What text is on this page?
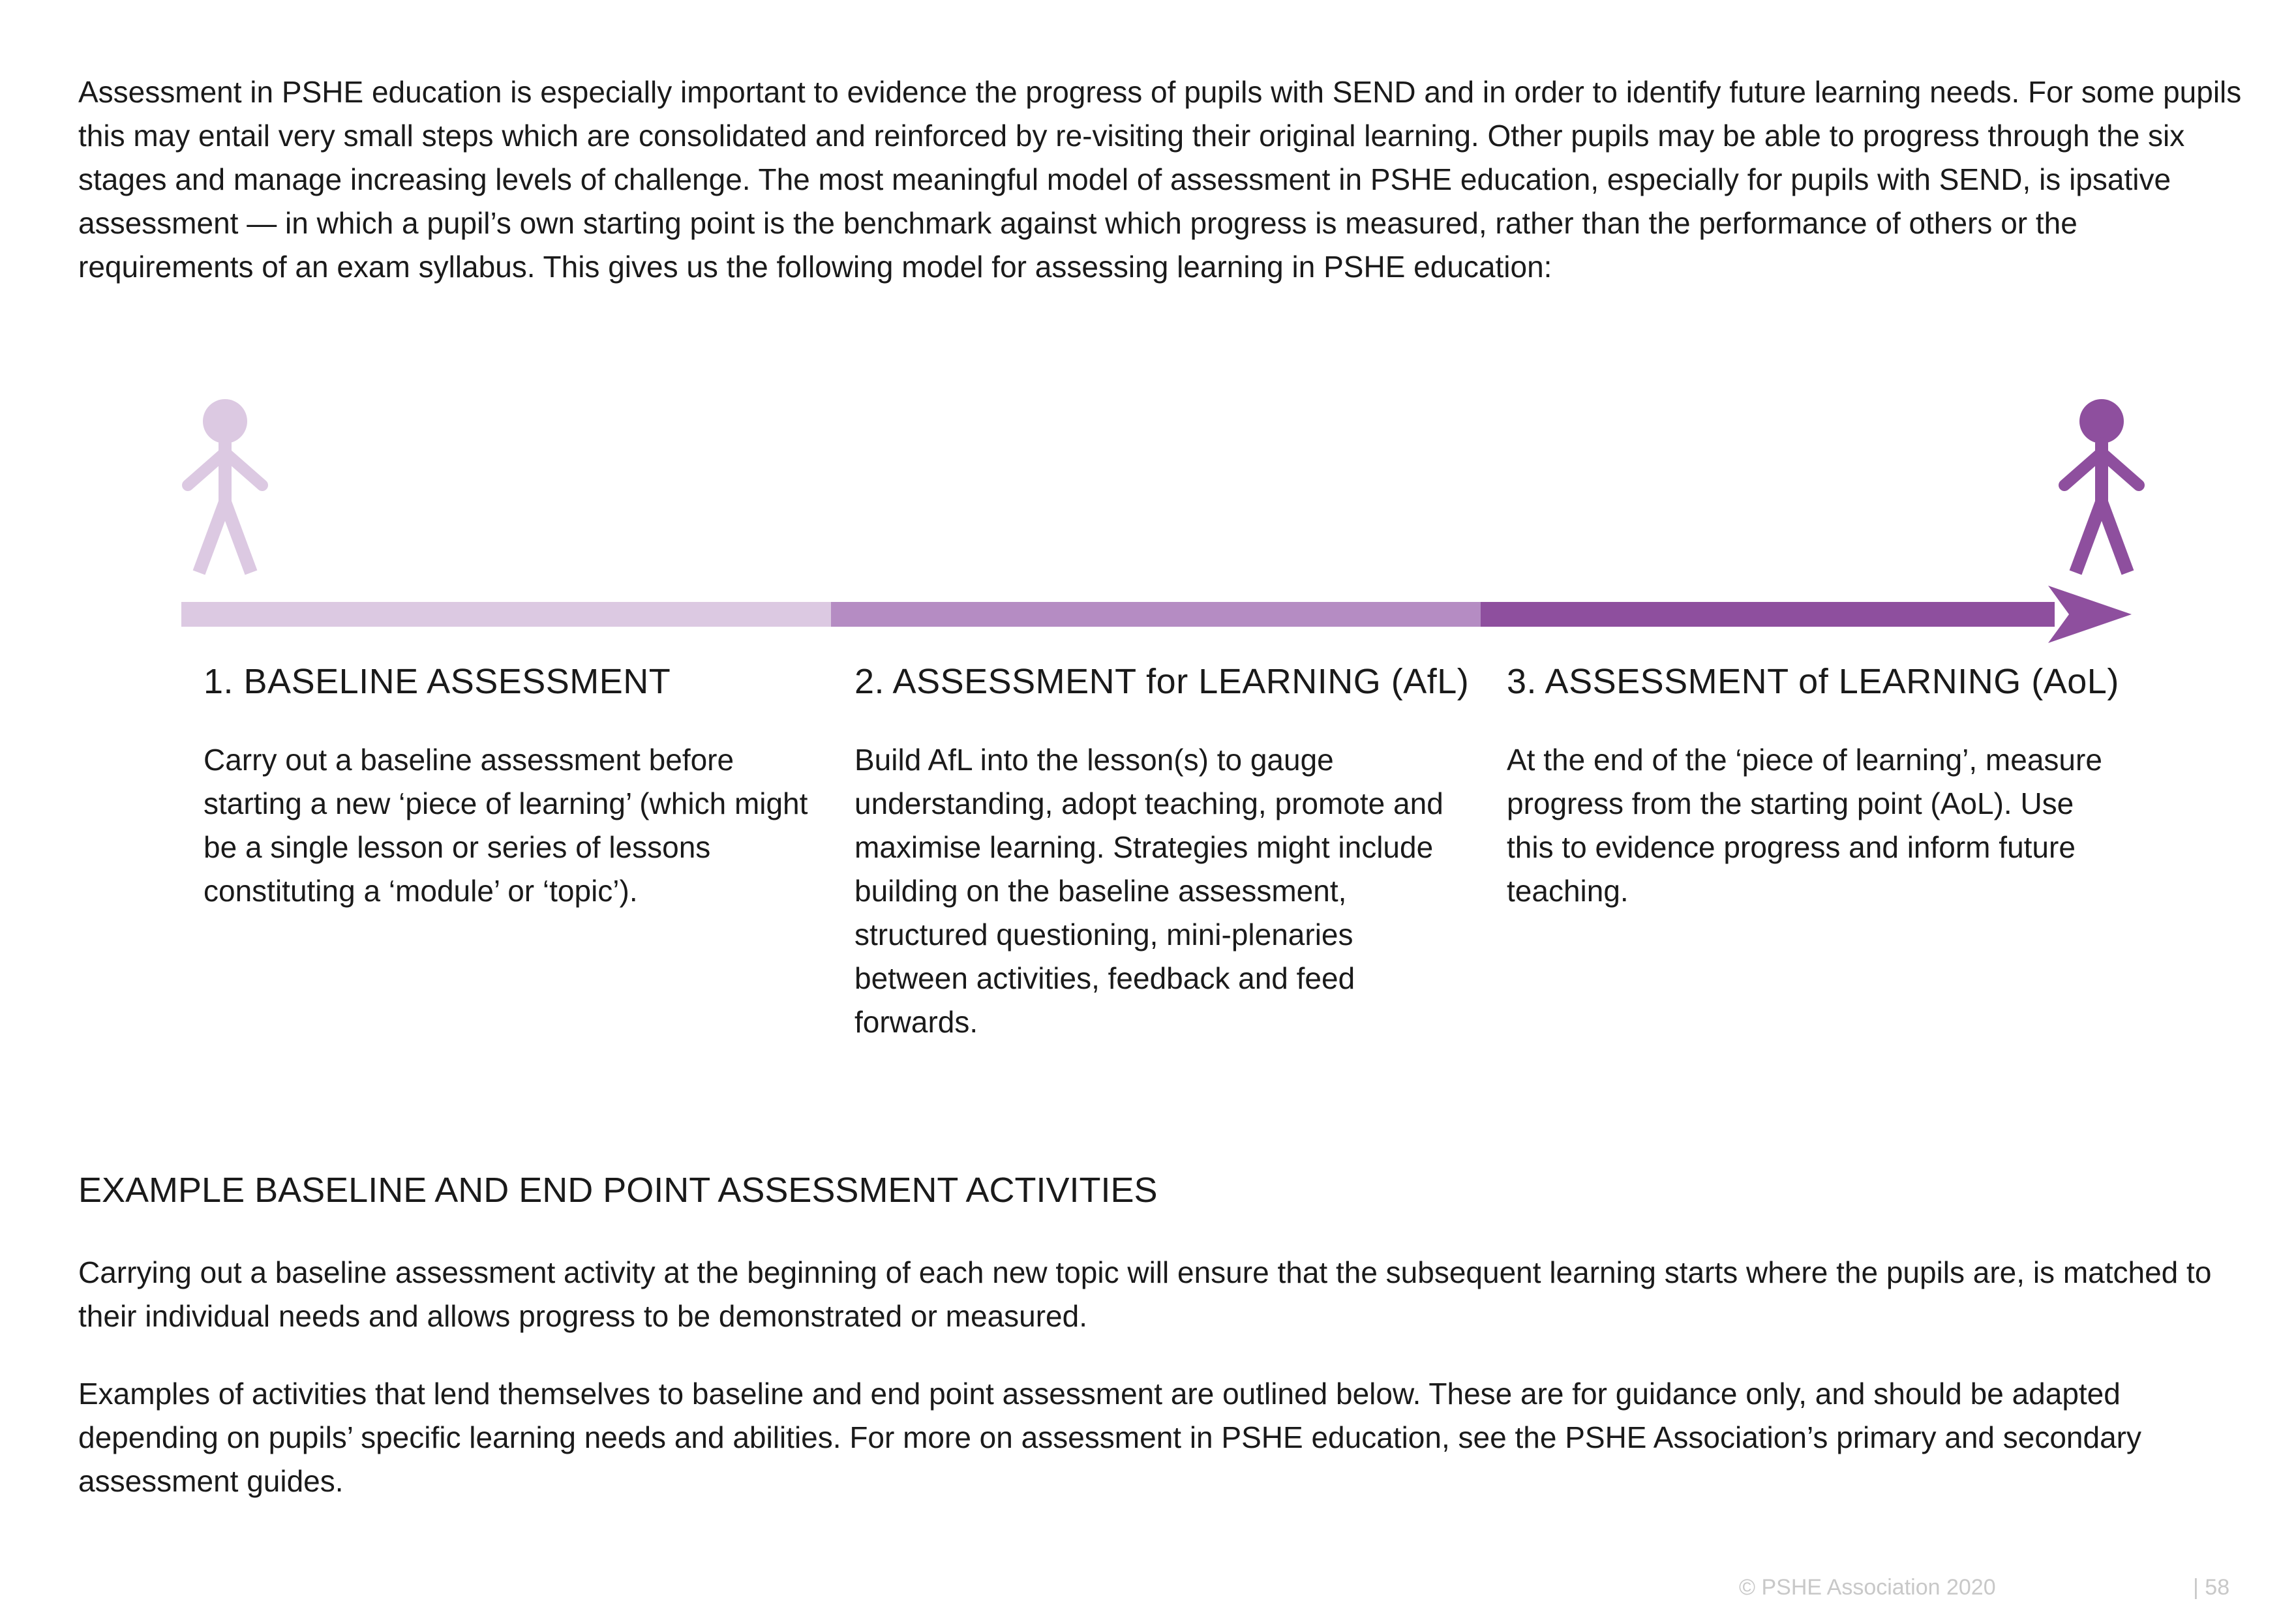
Assessment in PSHE education is especially important to evidence the progress of pupils with SEND and in order to identify future learning needs. For some pupils this may entail very small steps which are consolidated and reinforced by re-visiting their original learning. Other pupils may be able to progress through the six stages and manage increasing levels of challenge. The most meaningful model of assessment in PSHE education, especially for pupils with SEND, is ipsative assessment — in which a pupil’s own starting point is the benchmark against which progress is measured, rather than the performance of others or the requirements of an exam syllabus. This gives us the following model for assessing learning in PSHE education:

1. BASELINE ASSESSMENT

Carry out a baseline assessment before starting a new ‘piece of learning’ (which might be a single lesson or series of lessons constituting a ‘module’ or ‘topic’).

2. ASSESSMENT for LEARNING (AfL)

Build AfL into the lesson(s) to gauge understanding, adopt teaching, promote and maximise learning. Strategies might include building on the baseline assessment, structured questioning, mini-plenaries between activities, feedback and feed forwards.

3. ASSESSMENT of LEARNING (AoL)

At the end of the ‘piece of learning’, measure progress from the starting point (AoL). Use this to evidence progress and inform future teaching.

EXAMPLE BASELINE AND END POINT ASSESSMENT ACTIVITIES

Carrying out a baseline assessment activity at the beginning of each new topic will ensure that the subsequent learning starts where the pupils are, is matched to their individual needs and allows progress to be demonstrated or measured.

Examples of activities that lend themselves to baseline and end point assessment are outlined below. These are for guidance only, and should be adapted depending on pupils’ specific learning needs and abilities. For more on assessment in PSHE education, see the PSHE Association’s primary and secondary assessment guides.

© PSHE Association 2020	| 58
